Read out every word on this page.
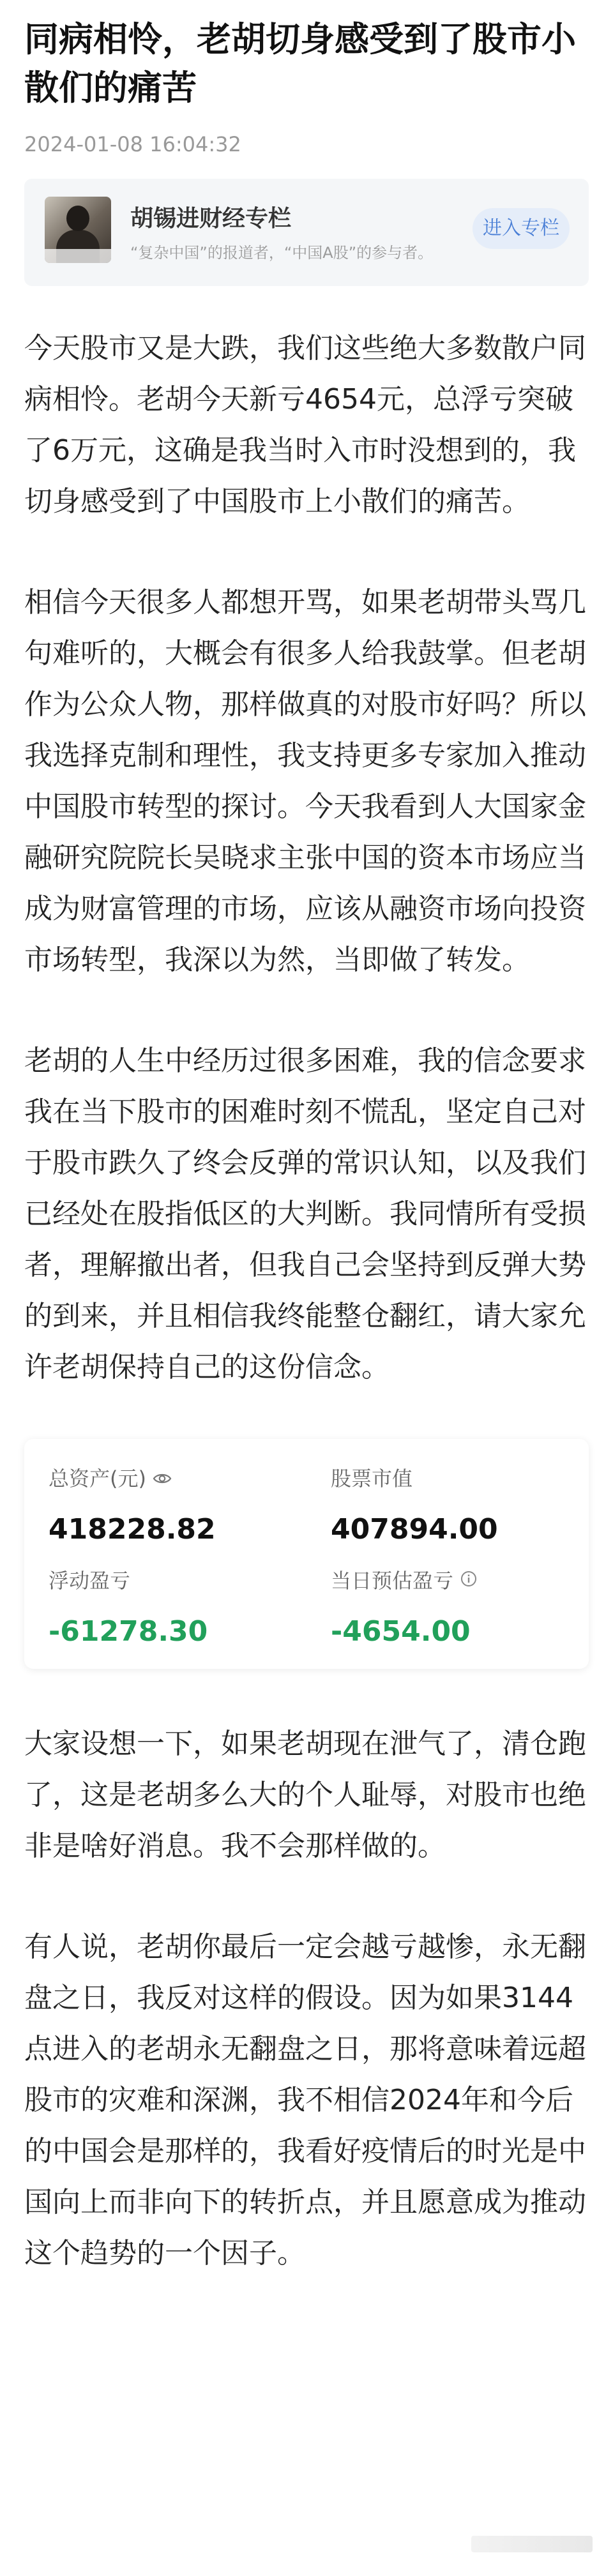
同病相怜，老胡切身感受到了股市小散们的痛苦
2024-01-08 16:04:32
胡锡进财经专栏
“复杂中国”的报道者，“中国A股”的参与者。
进入专栏

今天股市又是大跌，我们这些绝大多数散户同病相怜。老胡今天新亏4654元，总浮亏突破了6万元，这确是我当时入市时没想到的，我切身感受到了中国股市上小散们的痛苦。

相信今天很多人都想开骂，如果老胡带头骂几句难听的，大概会有很多人给我鼓掌。但老胡作为公众人物，那样做真的对股市好吗？所以我选择克制和理性，我支持更多专家加入推动中国股市转型的探讨。今天我看到人大国家金融研究院院长吴晓求主张中国的资本市场应当成为财富管理的市场，应该从融资市场向投资市场转型，我深以为然，当即做了转发。

老胡的人生中经历过很多困难，我的信念要求我在当下股市的困难时刻不慌乱，坚定自己对于股市跌久了终会反弹的常识认知，以及我们已经处在股指低区的大判断。我同情所有受损者，理解撤出者，但我自己会坚持到反弹大势的到来，并且相信我终能整仓翻红，请大家允许老胡保持自己的这份信念。

总资产(元)
418228.82
股票市值
407894.00
浮动盈亏
-61278.30
当日预估盈亏
-4654.00

大家设想一下，如果老胡现在泄气了，清仓跑了，这是老胡多么大的个人耻辱，对股市也绝非是啥好消息。我不会那样做的。

有人说，老胡你最后一定会越亏越惨，永无翻盘之日，我反对这样的假设。因为如果3144点进入的老胡永无翻盘之日，那将意味着远超股市的灾难和深渊，我不相信2024年和今后的中国会是那样的，我看好疫情后的时光是中国向上而非向下的转折点，并且愿意成为推动这个趋势的一个因子。
